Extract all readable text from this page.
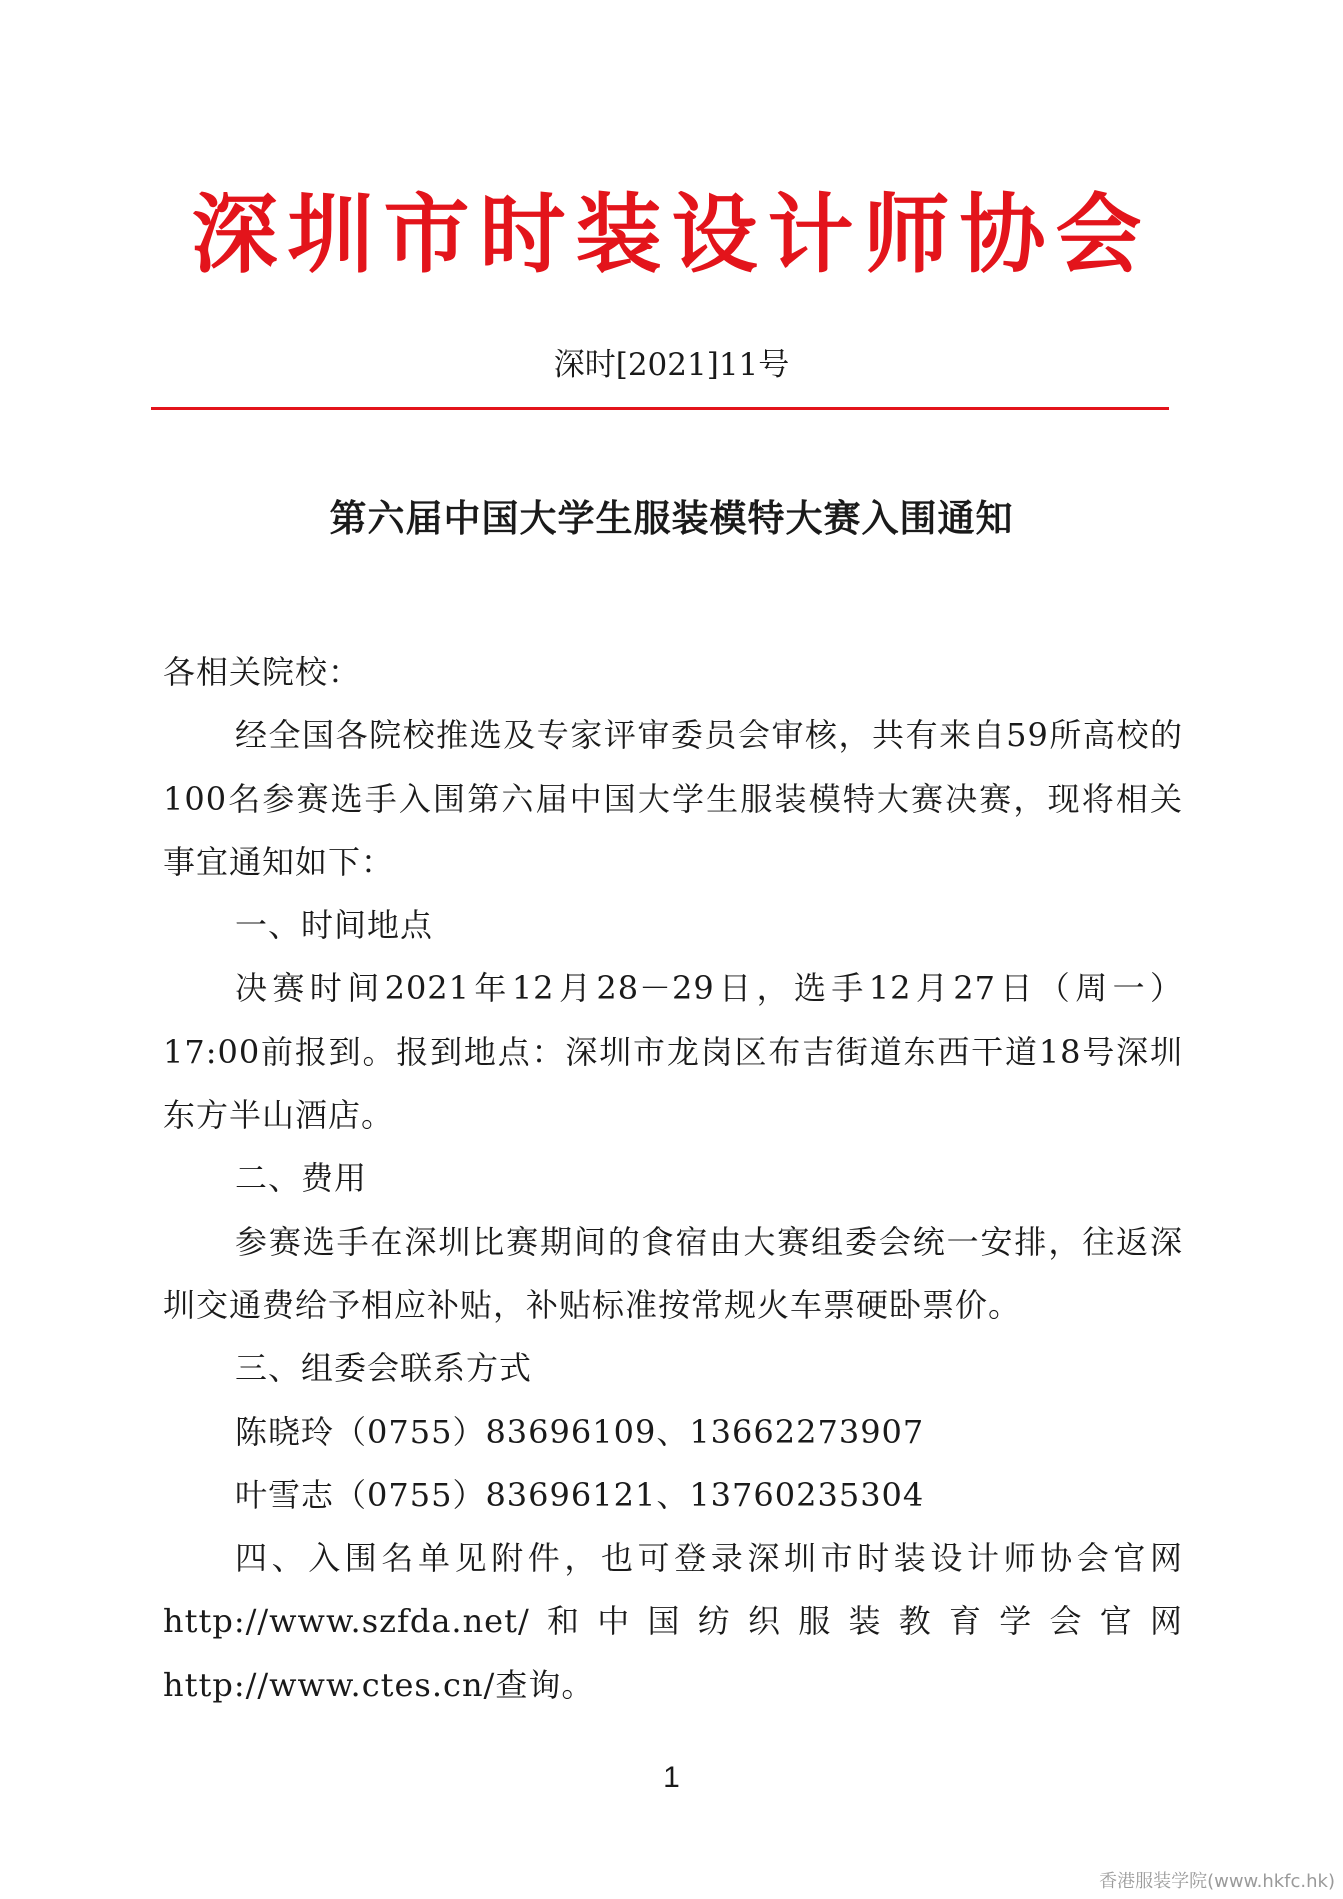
深圳市时装设计师协会
深时[2021]11号
第六届中国大学生服装模特大赛入围通知

各相关院校：

经全国各院校推选及专家评审委员会审核，共有来自59所高校的100名参赛选手入围第六届中国大学生服装模特大赛决赛，现将相关事宜通知如下：

一、时间地点

决赛时间2021年12月28－29日，选手12月27日（周一）17:00前报到。报到地点：深圳市龙岗区布吉街道东西干道18号深圳东方半山酒店。

二、费用

参赛选手在深圳比赛期间的食宿由大赛组委会统一安排，往返深圳交通费给予相应补贴，补贴标准按常规火车票硬卧票价。

三、组委会联系方式

陈晓玲（0755）83696109、13662273907

叶雪志（0755）83696121、13760235304

四、入围名单见附件，也可登录深圳市时装设计师协会官网http://www.szfda.net/和中国纺织服装教育学会官网http://www.ctes.cn/查询。

1
香港服装学院(www.hkfc.hk)
